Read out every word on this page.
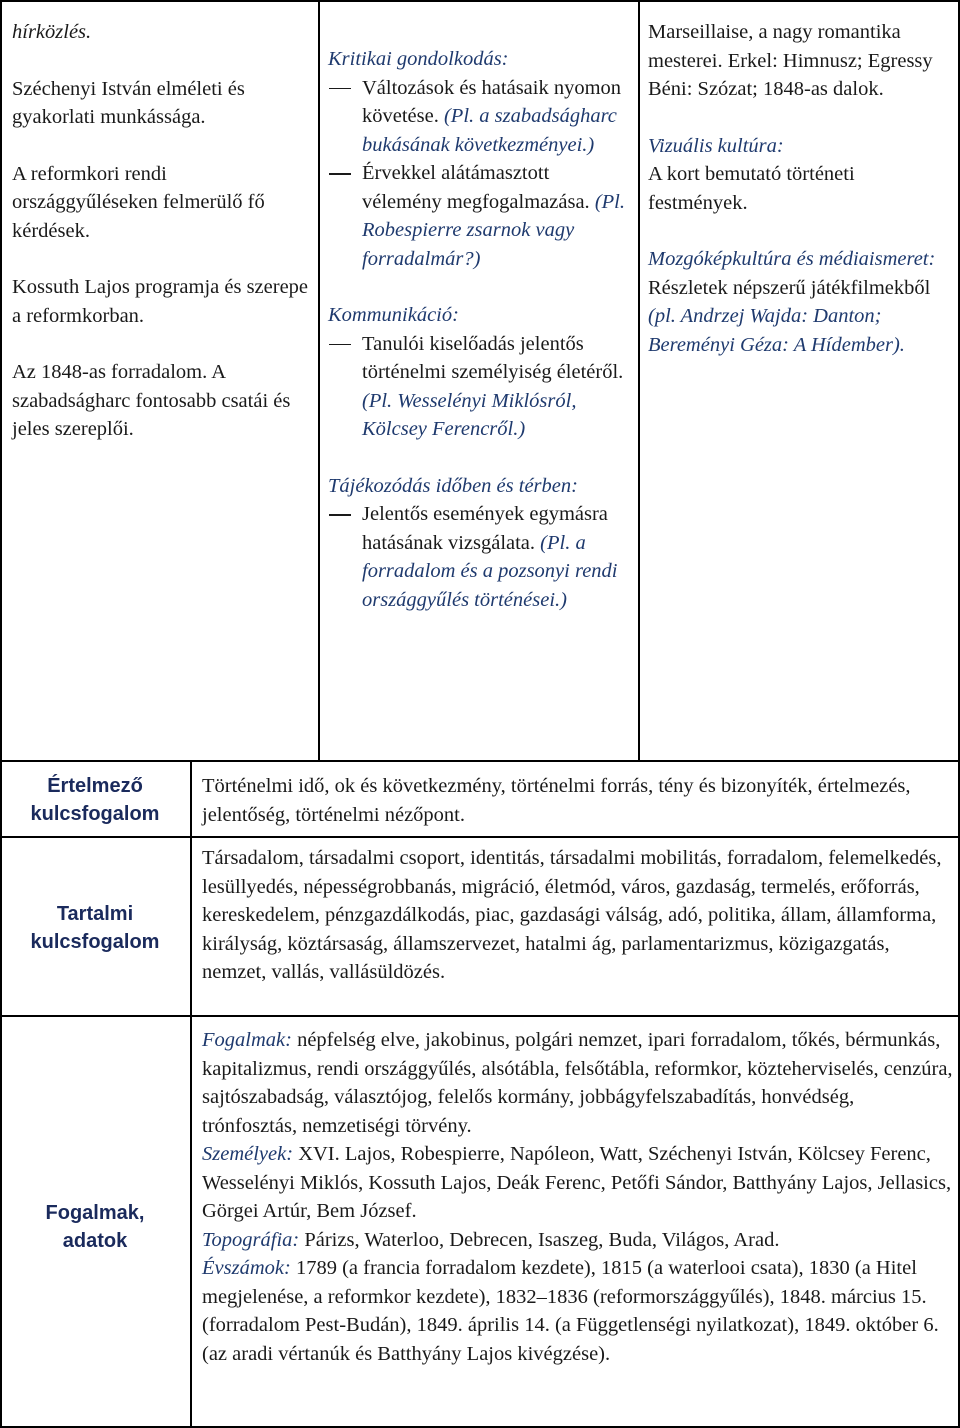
hírközlés.

Széchenyi István elméleti és gyakorlati munkássága.

A reformkori rendi országgyűléseken felmerülő fő kérdések.

Kossuth Lajos programja és szerepe a reformkorban.

Az 1848-as forradalom. A szabadságharc fontosabb csatái és jeles szereplői.

Kritikai gondolkodás:

Változások és hatásaik nyomon követése. (Pl. a szabadságharc bukásának következményei.)

Érvekkel alátámasztott vélemény megfogalmazása. (Pl. Robespierre zsarnok vagy forradalmár?)

Kommunikáció:

Tanulói kiselőadás jelentős történelmi személyiség életéről. (Pl. Wesselényi Miklósról, Kölcsey Ferencről.)

Tájékozódás időben és térben:

Jelentős események egymásra hatásának vizsgálata. (Pl. a forradalom és a pozsonyi rendi országgyűlés történései.)

Marseillaise, a nagy romantika mesterei. Erkel: Himnusz; Egressy Béni: Szózat; 1848-as dalok.

Vizuális kultúra:

A kort bemutató történeti festmények.

Mozgóképkultúra és médiaismeret:

Részletek népszerű játékfilmekből (pl. Andrzej Wajda: Danton; Bereményi Géza: A Hídember).

Értelmező kulcsfogalom
Tartalmi kulcsfogalom
Fogalmak, adatok
Történelmi idő, ok és következmény, történelmi forrás, tény és bizonyíték, értelmezés, jelentőség, történelmi nézőpont.
Társadalom, társadalmi csoport, identitás, társadalmi mobilitás, forradalom, felemelkedés, lesüllyedés, népességrobbanás, migráció, életmód, város, gazdaság, termelés, erőforrás, kereskedelem, pénzgazdálkodás, piac, gazdasági válság, adó, politika, állam, államforma, királyság, köztársaság, államszervezet, hatalmi ág, parlamentarizmus, közigazgatás, nemzet, vallás, vallásüldözés.

Fogalmak: népfelség elve, jakobinus, polgári nemzet, ipari forradalom, tőkés, bérmunkás, kapitalizmus, rendi országgyűlés, alsótábla, felsőtábla, reformkor, közteherviselés, cenzúra, sajtószabadság, választójog, felelős kormány, jobbágyfelszabadítás, honvédség, trónfosztás, nemzetiségi törvény.

Személyek: XVI. Lajos, Robespierre, Napóleon, Watt, Széchenyi István, Kölcsey Ferenc, Wesselényi Miklós, Kossuth Lajos, Deák Ferenc, Petőfi Sándor, Batthyány Lajos, Jellasics, Görgei Artúr, Bem József.

Topográfia: Párizs, Waterloo, Debrecen, Isaszeg, Buda, Világos, Arad.

Évszámok: 1789 (a francia forradalom kezdete), 1815 (a waterlooi csata), 1830 (a Hitel megjelenése, a reformkor kezdete), 1832–1836 (reformországgyűlés), 1848. március 15. (forradalom Pest-Budán), 1849. április 14. (a Függetlenségi nyilatkozat), 1849. október 6. (az aradi vértanúk és Batthyány Lajos kivégzése).
